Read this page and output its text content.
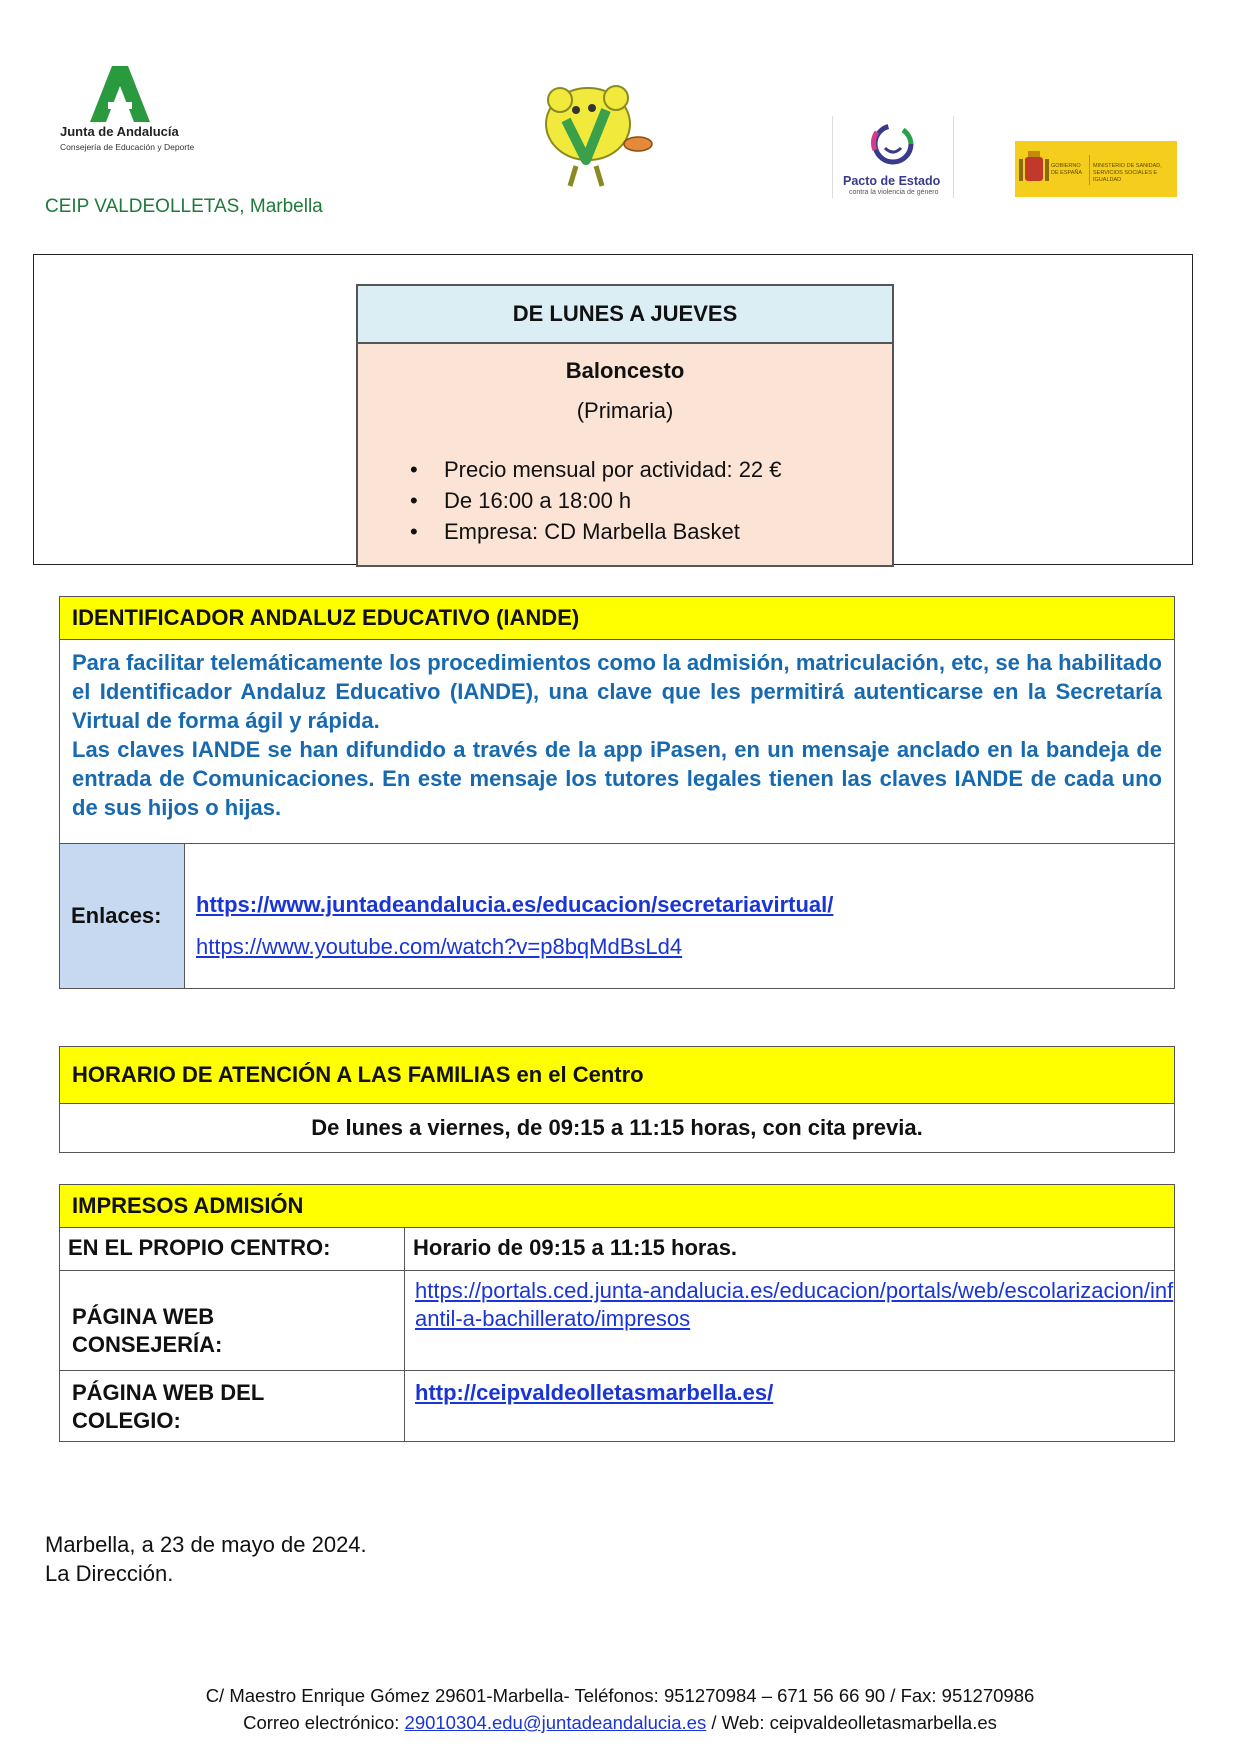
Junta de Andalucía
Consejería de Educación y Deporte
Pacto de Estado
contra la violencia de género
GOBIERNO DE ESPAÑA
MINISTERIO DE SANIDAD, SERVICIOS SOCIALES E IGUALDAD
CEIP VALDEOLLETAS, Marbella
DE LUNES A JUEVES
Baloncesto
(Primaria)
• Precio mensual por actividad: 22 €
• De 16:00 a 18:00 h
• Empresa: CD Marbella Basket
IDENTIFICADOR ANDALUZ EDUCATIVO (IANDE)

Para facilitar telemáticamente los procedimientos como la admisión, matriculación, etc, se ha habilitado el Identificador Andaluz Educativo (IANDE), una clave que les permitirá autenticarse en la Secretaría Virtual de forma ágil y rápida.

Las claves IANDE se han difundido a través de la app iPasen, en un mensaje anclado en la bandeja de entrada de Comunicaciones. En este mensaje los tutores legales tienen las claves IANDE de cada uno de sus hijos o hijas.

Enlaces:	https://www.juntadeandalucia.es/educacion/secretariavirtual/
https://www.youtube.com/watch?v=p8bqMdBsLd4
HORARIO DE ATENCIÓN A LAS FAMILIAS en el Centro
De lunes a viernes, de 09:15 a 11:15 horas, con cita previa.
IMPRESOS ADMISIÓN
EN EL PROPIO CENTRO:	Horario de 09:15 a 11:15 horas.
PÁGINA WEB CONSEJERÍA:
https://portals.ced.junta-andalucia.es/educacion/portals/web/escolarizacion/infantil-a-bachillerato/impresos
PÁGINA WEB DEL COLEGIO:
http://ceipvaldeolletasmarbella.es/
Marbella, a 23 de mayo de 2024.
La Dirección.
C/ Maestro Enrique Gómez 29601-Marbella- Teléfonos: 951270984 – 671 56 66 90 / Fax: 951270986
Correo electrónico: 29010304.edu@juntadeandalucia.es / Web: ceipvaldeolletasmarbella.es
